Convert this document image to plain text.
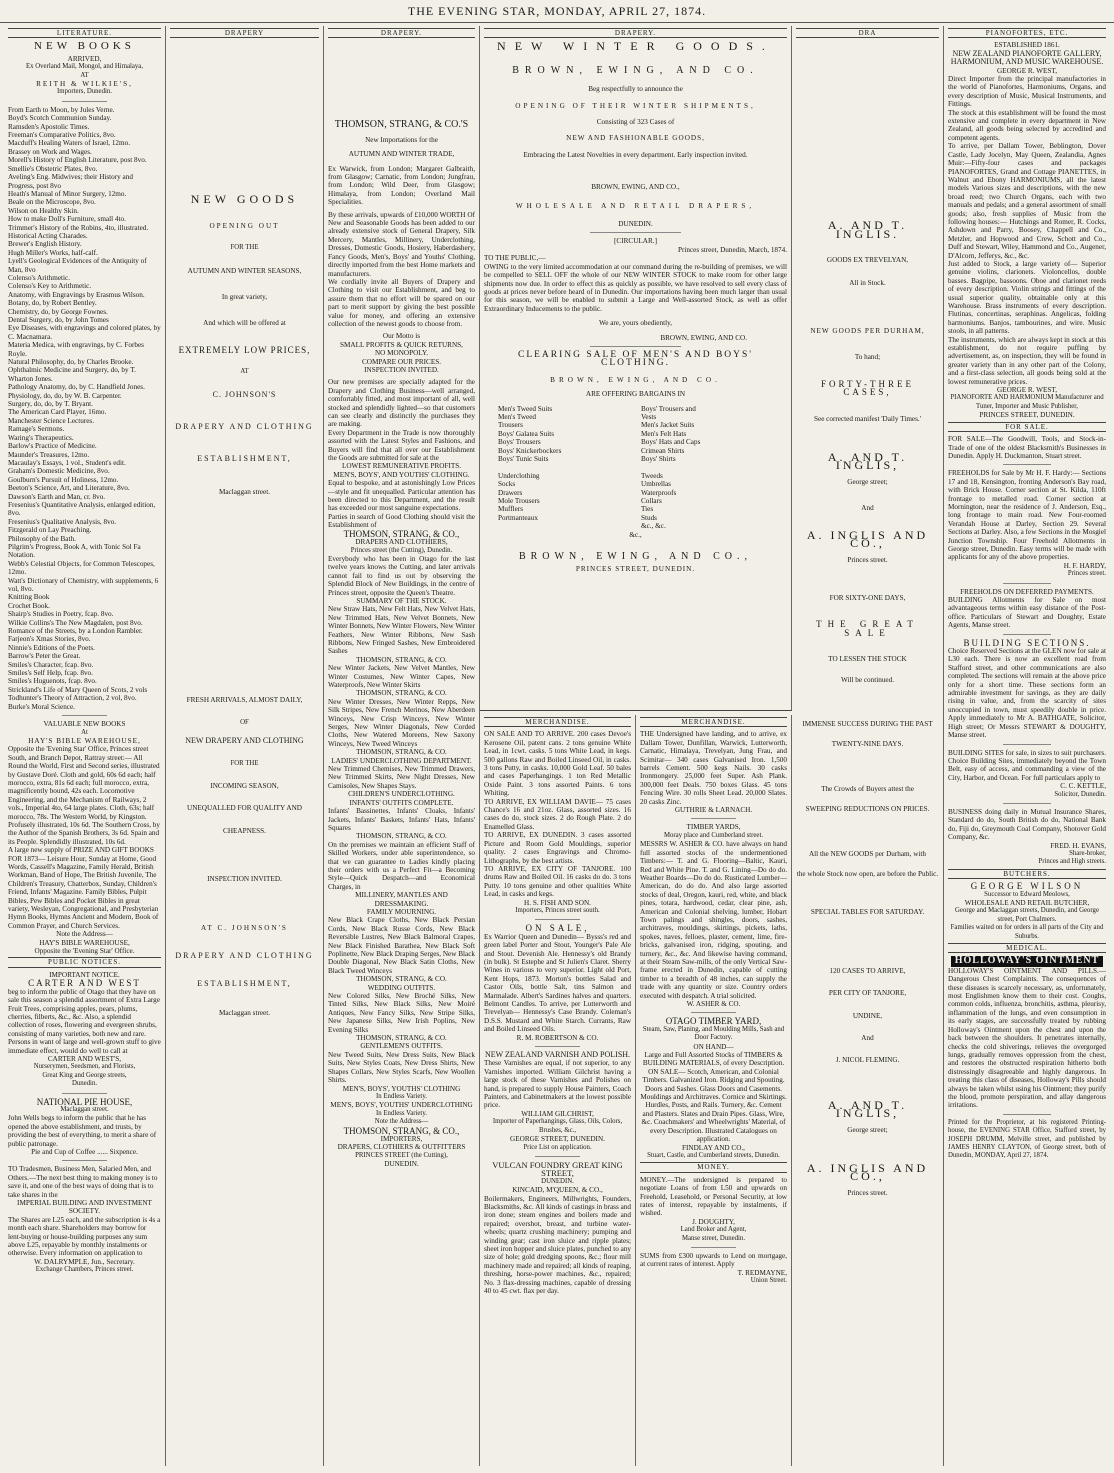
THE EVENING STAR, MONDAY, APRIL 27, 1874.
LITERATURE.
NEW BOOKS
ARRIVED,
Ex Overland Mail, Mongol, and Himalaya,
AT
REITH & WILKIE'S,
Importers, Dunedin.
From Earth to Moon, by Jules Verne.
Boyd's Scotch Communion Sunday.
Ramsden's Apostolic Times.
Freeman's Comparative Politics, 8vo.
Macduff's Healing Waters of Israel, 12mo.
Brassey on Work and Wages.
Morell's History of English Literature, post 8vo.
Smellie's Obstetric Plates, 8vo.
Aveling's Eng. Midwives; their History and Progress, post 8vo
Heath's Manual of Minor Surgery, 12mo.
Beale on the Microscope, 8vo.
Wilson on Healthy Skin.
How to make Doll's Furniture, small 4to.
Trimmer's History of the Robins, 4to, illustrated.
Historical Acting Charades.
Brewer's English History.
Hugh Miller's Works, half-calf.
Lyell's Geological Evidences of the Antiquity of Man, 8vo
Colenso's Arithmetic.
Colenso's Key to Arithmetic.
Anatomy, with Engravings by Erasmus Wilson.
Botany, do, by Robert Bentley.
Chemistry, do, by George Fownes.
Dental Surgery, do, by John Tomes
Eye Diseases, with engravings and colored plates, by C. Macnamara.
Materia Medica, with engravings, by C. Forbes Royle.
Natural Philosophy, do, by Charles Brooke.
Ophthalmic Medicine and Surgery, do, by T. Wharton Jones.
Pathology Anatomy, do, by C. Handfield Jones.
Physiology, do, do, by W. B. Carpenter.
Surgery, do, do, by T. Bryant.
The American Card Player, 16mo.
Manchester Science Lectures.
Ramage's Sermons.
Waring's Therapeutics.
Barlow's Practice of Medicine.
Maunder's Treasures, 12mo.
Macaulay's Essays, 1 vol., Student's edit.
Graham's Domestic Medicine, 8vo.
Goulburn's Pursuit of Holiness, 12mo.
Beeton's Science, Art, and Literature, 8vo.
Dawson's Earth and Man, cr. 8vo.
Fresenius's Quantitative Analysis, enlarged edition, 8vo.
Fresenius's Qualitative Analysis, 8vo.
Fitzgerald on Lay Preaching.
Philosophy of the Bath.
Pilgrim's Progress, Book A, with Tonic Sol Fa Notation.
Webb's Celestial Objects, for Common Telescopes, 12mo.
Watt's Dictionary of Chemistry, with supplements, 6 vol, 8vo.
Knitting Book
Crochet Book.
Shairp's Studies in Poetry, fcap. 8vo.
Wilkie Collins's The New Magdalen, post 8vo.
Romance of the Streets, by a London Rambler.
Farjeon's Xmas Stories, 8vo.
Ninnie's Editions of the Poets.
Barrow's Peter the Great.
Smiles's Character, fcap. 8vo.
Smiles's Self Help, fcap. 8vo.
Smiles's Huguenots, fcap. 8vo.
Strickland's Life of Mary Queen of Scots, 2 vols
Todhunter's Theory of Attraction, 2 vol, 8vo.
Burke's Moral Science.
VALUABLE NEW BOOKS
At
HAY'S BIBLE WAREHOUSE,

Opposite the 'Evening Star' Office, Princes street South, and Branch Depot, Rattray street:— All Round the World, First and Second series, illustrated by Gustave Doré. Cloth and gold, 60s 6d each; half morocco, extra, 81s 6d each; full morocco, extra, magnificently bound, 42s each. Locomotive Engineering, and the Mechanism of Railways, 2 vols., Imperial 4to, 64 large plates. Cloth, 63s; half morocco, 78s. The Western World, by Kingston. Profusely illustrated, 10s 6d. The Southern Cross, by the Author of the Spanish Brothers, 3s 6d. Spain and its People. Splendidly illustrated, 10s 6d.

A large new supply of PRIZE AND GIFT BOOKS FOR 1873— Leisure Hour, Sunday at Home, Good Words, Cassell's Magazine, Family Herald, British Workman, Band of Hope, The British Juvenile, The Children's Treasury, Chatterbox, Sunday, Children's Friend, Infants' Magazine. Family Bibles, Pulpit Bibles, Pew Bibles and Pocket Bibles in great variety, Wesleyan, Congregational, and Presbyterian Hymn Books, Hymns Ancient and Modern, Book of Common Prayer, and Church Services.

Note the Address—
HAY'S BIBLE WAREHOUSE,
Opposite the 'Evening Star' Office.
PUBLIC NOTICES.
IMPORTANT NOTICE.
CARTER AND WEST

beg to inform the public of Otago that they have on sale this season a splendid assortment of Extra Large Fruit Trees, comprising apples, pears, plums, cherries, filberts, &c., &c. Also, a splendid collection of roses, flowering and evergreen shrubs, consisting of many varieties, both new and rare. Persons in want of large and well-grown stuff to give immediate effect, would do well to call at

CARTER AND WEST'S,
Nurserymen, Seedsmen, and Florists,
Great King and George streets,
Dunedin.
NATIONAL PIE HOUSE,
Maclaggan street.

John Wells begs to inform the public that he has opened the above establishment, and trusts, by providing the best of everything, to merit a share of public patronage.

Pie and Cup of Coffee ...... Sixpence.

TO Tradesmen, Business Men, Salaried Men, and Others.—The next best thing to making money is to save it, and one of the best ways of doing that is to take shares in the

IMPERIAL BUILDING AND INVESTMENT SOCIETY.

The Shares are L25 each, and the subscription is 4s a month each share. Shareholders may borrow for lent-buying or house-building purposes any sum above L25, repayable by monthly instalments or otherwise. Every information on application to

W. DALRYMPLE, Jun., Secretary.
Exchange Chambers, Princes street.
DRAPERY
NEW GOODS
OPENING OUT
FOR THE
AUTUMN AND WINTER SEASONS,
In great variety,
And which will be offered at
EXTREMELY LOW PRICES,
AT
C. JOHNSON'S
DRAPERY AND CLOTHING
ESTABLISHMENT,
Maclaggan street.
FRESH ARRIVALS, ALMOST DAILY,
OF
NEW DRAPERY AND CLOTHING
FOR THE
INCOMING SEASON,
UNEQUALLED FOR QUALITY AND
CHEAPNESS.
INSPECTION INVITED.
AT C. JOHNSON'S
DRAPERY AND CLOTHING
ESTABLISHMENT,
Maclaggan street.
DRAPERY.
THOMSON, STRANG, & CO.'S
New Importations for the
AUTUMN AND WINTER TRADE,

Ex Warwick, from London; Margaret Galbraith, from Glasgow; Carnatic, from London; Jungfrau, from London; Wild Deer, from Glasgow; Himalaya, from London; Overland Mail Specialities.

By these arrivals, upwards of £10,000 WORTH Of New and Seasonable Goods has been added to our already extensive stock of General Drapery, Silk Mercery, Mantles, Millinery, Underclothing, Dresses, Domestic Goods, Hosiery, Haberdashery, Fancy Goods, Men's, Boys' and Youths' Clothing, directly imported from the best Home markets and manufacturers.

We cordially invite all Buyers of Drapery and Clothing to visit our Establishment, and beg to assure them that no effort will be spared on our part to merit support by giving the best possible value for money, and offering an extensive collection of the newest goods to choose from.

Our Motto is
SMALL PROFITS & QUICK RETURNS,
NO MONOPOLY.
COMPARE OUR PRICES.
INSPECTION INVITED.

Our new premises are specially adapted for the Drapery and Clothing Business—well arranged, comfortably fitted, and most important of all, well stocked and splendidly lighted—so that customers can see clearly and distinctly the purchases they are making.

Every Department in the Trade is now thoroughly assorted with the Latest Styles and Fashions, and Buyers will find that all over our Establishment the Goods are submitted for sale at the

LOWEST REMUNERATIVE PROFITS.
MEN'S, BOYS', AND YOUTHS' CLOTHING.

Equal to bespoke, and at astonishingly Low Prices—style and fit unequalled. Particular attention has been directed to this Department, and the result has exceeded our most sanguine expectations.

Parties in search of Good Clothing should visit the Establishment of

THOMSON, STRANG, & CO.,
DRAPERS AND CLOTHIERS,
Princes street (the Cutting), Dunedin.

Everybody who has been in Otago for the last twelve years knows the Cutting, and later arrivals cannot fail to find us out by observing the Splendid Block of New Buildings, in the centre of Princes street, opposite the Queen's Theatre.

SUMMARY OF THE STOCK.

New Straw Hats, New Felt Hats, New Velvet Hats, New Trimmed Hats, New Velvet Bonnets, New Winter Bonnets, New Winter Flowers, New Winter Feathers, New Winter Ribbons, New Sash Ribbons, New Fringed Sashes, New Embroidered Sashes

THOMSON, STRANG, & CO.

New Winter Jackets, New Velvet Mantles, New Winter Costumes, New Winter Capes, New Waterproofs, New Winter Skirts

THOMSON, STRANG, & CO.

New Winter Dresses, New Winter Repps, New Silk Stripes, New French Merinos, New Aberdeen Winceys, New Crisp Winceys, New Winter Serges, New Winter Diagonals, New Corded Cloths, New Watered Moreens, New Saxony Winceys, New Tweed Winceys

THOMSON, STRANG, & CO.
LADIES' UNDERCLOTHING DEPARTMENT.

New Trimmed Chemises, New Trimmed Drawers, New Trimmed Skirts, New Night Dresses, New Camisoles, New Shapes Stays.

CHILDREN'S UNDERCLOTHING.
INFANTS' OUTFITS COMPLETE.

Infants' Bassinettes, Infants' Cloaks, Infants' Jackets, Infants' Baskets, Infants' Hats, Infants' Squares

THOMSON, STRANG, & CO.

On the premises we maintain an efficient Staff of Skilled Workers, under able superintendence, so that we can guarantee to Ladies kindly placing their orders with us a Perfect Fit—a Becoming Style—Quick Despatch—and Economical Charges, in

MILLINERY, MANTLES AND DRESSMAKING.
FAMILY MOURNING.

New Black Crape Cloths, New Black Persian Cords, New Black Russe Cords, New Black Reversible Lustres, New Black Balmoral Crapes, New Black Finished Barathea, New Black Soft Poplinette, New Black Draping Serges, New Black Double Diagonal, New Black Satin Cloths, New Black Tweed Winceys

THOMSON, STRANG, & CO.
WEDDING OUTFITS.

New Colored Silks, New Broché Silks, New Tinted Silks, New Black Silks, New Moiré Antiques, New Fancy Silks, New Stripe Silks, New Japanese Silks, New Irish Poplins, New Evening Silks

THOMSON, STRANG, & CO.
GENTLEMEN'S OUTFITS.

New Tweed Suits, New Dress Suits, New Black Suits, New Styles Coats, New Dress Shirts, New Shapes Collars, New Styles Scarfs, New Woollen Shirts.

MEN'S, BOYS', YOUTHS' CLOTHING
In Endless Variety.
MEN'S, BOYS', YOUTHS' UNDERCLOTHING
In Endless Variety.
Note the Address—
THOMSON, STRANG, & CO.,
IMPORTERS,
DRAPERS, CLOTHIERS & OUTFITTERS
PRINCES STREET (the Cutting),
DUNEDIN.
DRAPERY.
NEW WINTER GOODS.
BROWN, EWING, AND CO.
Beg respectfully to announce the
OPENING OF THEIR WINTER SHIPMENTS,
Consisting of 323 Cases of
NEW AND FASHIONABLE GOODS,
Embracing the Latest Novelties in every department. Early inspection invited.
BROWN, EWING, AND CO.,
WHOLESALE AND RETAIL DRAPERS,
DUNEDIN.
[CIRCULAR.]
Princes street, Dunedin, March, 1874.
TO THE PUBLIC,—

OWING to the very limited accommodation at our command during the re-building of premises, we will be compelled to SELL OFF the whole of our NEW WINTER STOCK to make room for other large shipments now due. In order to effect this as quickly as possible, we have resolved to sell every class of goods at prices never before heard of in Dunedin. Our importations having been much larger than usual for this season, we will be enabled to submit a Large and Well-assorted Stock, as well as offer Extraordinary Inducements to the public.

We are, yours obediently,
BROWN, EWING, AND CO.
CLEARING SALE OF MEN'S AND BOYS' CLOTHING.
BROWN, EWING, AND CO.
ARE OFFERING BARGAINS IN
Men's Tweed Suits
Men's Tweed Trousers
Boys' Galatea Suits
Boys' Trousers
Boys' Knickerbockers
Boys' Tunic Suits

Underclothing
Socks
Drawers
Mole Trousers
Mufflers
Portmanteaux
Boys' Trousers and Vests
Men's Jacket Suits
Men's Felt Hats
Boys' Hats and Caps
Crimean Shirts
Boys' Shirts

Tweeds
Umbrellas
Waterproofs
Collars
Ties
Studs
&c., &c.
&c.,
BROWN, EWING, AND CO.,
PRINCES STREET, DUNEDIN.
MERCHANDISE.

ON SALE AND TO ARRIVE. 200 cases Devoe's Kerosene Oil, patent cans. 2 tons genuine White Lead, in 1cwt. casks. 5 tons White Lead, in kegs. 500 gallons Raw and Boiled Linseed Oil, in casks. 3 tons Putty, in casks. 10,000 Gold Leaf. 50 bales and cases Paperhangings. 1 ton Red Metallic Oxide Paint. 3 tons assorted Paints. 6 tons Whiting.

TO ARRIVE, EX WILLIAM DAVIE— 75 cases Chance's 16 and 21oz. Glass, assorted sizes. 16 cases do do, stock sizes. 2 do Rough Plate. 2 do Enamelled Glass.

TO ARRIVE, EX DUNEDIN. 3 cases assorted Picture and Room Gold Mouldings, superior quality. 2 cases Engravings and Chromo-Lithographs, by the best artists.

TO ARRIVE, EX CITY OF TANJORE. 100 drums Raw and Boiled Oil. 16 casks do do. 3 tons Putty. 10 tons genuine and other qualities White Lead, in casks and kegs.

H. S. FISH AND SON.
Importers, Princes street south.
ON SALE,

Ex Warrior Queen and Dunedin— Bysss's red and green label Porter and Stout, Younger's Pale Ale and Stout. Devenish Ale. Hennessy's old Brandy (in bulk). St Estephe and St Julien's Claret. Sherry Wines in various to very superior. Light old Port, Kent Hops, 1873. Morton's bottles Salad and Castor Oils, bottle Salt, tins Salmon and Marmalade. Albert's Sardines halves and quarters. Belmont Candles. To arrive, per Lutterworth and Trevelyan— Hennessy's Case Brandy. Coleman's D.S.S. Mustard and White Starch. Currants, Raw and Boiled Linseed Oils.

R. M. ROBERTSON & CO.
NEW ZEALAND VARNISH AND POLISH.

These Varnishes are equal, if not superior, to any Varnishes imported. William Gilchrist having a large stock of these Varnishes and Polishes on hand, is prepared to supply House Painters, Coach Painters, and Cabinetmakers at the lowest possible price.

WILLIAM GILCHRIST,
Importer of Paperhangings, Glass, Oils, Colors, Brushes, &c.,
GEORGE STREET, DUNEDIN.
Price List on application.
VULCAN FOUNDRY GREAT KING STREET,
DUNEDIN.
KINCAID, M'QUEEN, & CO.,

Boilermakers, Engineers, Millwrights, Founders, Blacksmiths, &c. All kinds of castings in brass and iron done; steam engines and boilers made and repaired; overshot, breast, and turbine water-wheels; quartz crushing machinery; pumping and winding gear; cast iron sluice and ripple plates; sheet iron hopper and sluice plates, punched to any size of hole; gold dredging spoons, &c.; flour mill machinery made and repaired; all kinds of reaping, threshing, horse-power machines, &c., repaired; No. 3 flax-dressing machines, capable of dressing 40 to 45 cwt. flax per day.

MERCHANDISE.

THE Undersigned have landing, and to arrive, ex Dallam Tower, Dunfillan, Warwick, Lutterworth, Carnatic, Himalaya, Trevelyan, Jung Frau, and Scimitar— 340 cases Galvanised Iron. 1,500 barrels Cement. 500 kegs Nails. 30 casks Ironmongery. 25,000 feet Super. Ash Plank. 300,000 feet Deals. 750 boxes Glass. 45 tons Fencing Wire. 30 rolls Sheet Lead. 20,000 Slates. 20 casks Zinc.

GUTHRIE & LARNACH.
TIMBER YARDS,
Moray place and Cumberland street.

MESSRS W. ASHER & CO. have always on hand full assorted stocks of the undermentioned Timbers:— T. and G. Flooring—Baltic, Kauri, Red and White Pine. T. and G. Lining—Do do do. Weather Boards—Do do do. Rusticated Lumber—American, do do do. And also large assorted stocks of deal, Oregon, kauri, red, white, and black pines, totara, hardwood, cedar, clear pine, ash, American and Colonial shelving, lumber, Hobart Town palings and shingles, doors, sashes, architraves, mouldings, skirtings, pickets, laths, spokes, naves, felloes, plaster, cement, lime, fire-bricks, galvanised iron, ridging, spouting, and turnery, &c., &c. And likewise having command, at their Steam Saw-mills, of the only Vertical Saw-frame erected in Dunedin, capable of cutting timber to a breadth of 48 inches, can supply the trade with any quantity or size. Country orders executed with despatch. A trial solicited.

W. ASHER & CO.
OTAGO TIMBER YARD,
Steam, Saw, Planing, and Moulding Mills, Sash and Door Factory.
ON HAND—

Large and Full Assorted Stocks of TIMBERS & BUILDING MATERIALS, of every Description. ON SALE— Scotch, American, and Colonial Timbers. Galvanized Iron. Ridging and Spouting. Doors and Sashes. Glass Doors and Casements. Mouldings and Architraves. Cornice and Skirtings. Hurdles, Posts, and Rails. Turnery, &c. Cement and Plasters. Slates and Drain Pipes. Glass, Wire, &c. Coachmakers' and Wheelwrights' Material, of every Description. Illustrated Catalogues on application.

FINDLAY AND CO.,
Stuart, Castle, and Cumberland streets, Dunedin.
MONEY.

MONEY.—The undersigned is prepared to negotiate Loans of from L50 and upwards on Freehold, Leasehold, or Personal Security, at low rates of interest, repayable by instalments, if wished.

J. DOUGHTY,
Land Broker and Agent,
Manse street, Dunedin.

SUMS from £300 upwards to Lend on mortgage, at current rates of interest. Apply

T. REDMAYNE,
Union Street.
DRA
A. AND T. INGLIS.
GOODS EX TREVELYAN,
All in Stock.
NEW GOODS PER DURHAM,
To hand;
FORTY-THREE CASES,
See corrected manifest 'Daily Times.'
A. AND T. INGLIS,
George street;
And
A. INGLIS AND CO.,
Princes street.
FOR SIXTY-ONE DAYS,
THE GREAT SALE
TO LESSEN THE STOCK
Will be continued.
IMMENSE SUCCESS DURING THE PAST
TWENTY-NINE DAYS.
The Crowds of Buyers attest the
SWEEPING REDUCTIONS ON PRICES.
All the NEW GOODS per Durham, with
the whole Stock now open, are before the Public.
SPECIAL TABLES FOR SATURDAY.
120 CASES TO ARRIVE,
PER CITY OF TANJORE,
UNDINE,
And
J. NICOL FLEMING.
A. AND T. INGLIS,
George street;
A. INGLIS AND CO.,
Princes street.
PIANOFORTES, ETC.
ESTABLISHED 1861.
NEW ZEALAND PIANOFORTE GALLERY, HARMONIUM, AND MUSIC WAREHOUSE.
GEORGE R. WEST,

Direct Importer from the principal manufactories in the world of Pianofortes, Harmoniums, Organs, and every description of Music, Musical Instruments, and Fittings.

The stock at this establishment will be found the most extensive and complete in every department in New Zealand, all goods being selected by accredited and competent agents.

To arrive, per Dallam Tower, Beblington, Dover Castle, Lady Jocelyn, May Queen, Zealandia, Agnes Muir:—Fifty-four cases and packages PIANOFORTES, Grand and Cottage PIANETTES, in Walnut and Ebony HARMONIUMS, all the latest models Various sizes and descriptions, with the new broad reed; two Church Organs, each with two manuals and pedals; and a general assortment of small goods; also, fresh supplies of Music from the following houses:— Hutchings and Romer, R. Cocks, Ashdown and Parry, Boosey, Chappell and Co., Metzler, and Hopwood and Crew, Schott and Co., Duff and Stewart, Wiley, Hammond and Co., Augener, D'Alcorn, Jefferys, &c., &c.

Just added to Stock, a large variety of— Superior genuine violins, clarionets. Violoncellos, double basses. Bagpipe, bassoons. Oboe and clarionet reeds of every description. Violin strings and fittings of the usual superior quality, obtainable only at this Warehouse. Brass instruments of every description. Flutinas, concertinas, seraphinas. Angelicas, folding harmoniums. Banjos, tambourines, and wire. Music stools, in all patterns.

The instruments, which are always kept in stock at this establishment, do not require puffing by advertisement, as, on inspection, they will be found in greater variety than in any other part of the Colony, and a first-class selection, all goods being sold at the lowest remunerative prices.

GEORGE R. WEST,
PIANOFORTE AND HARMONIUM Manufacturer and Tuner, Importer and Music Publisher,
PRINCES STREET, DUNEDIN.
FOR SALE.

FOR SALE—The Goodwill, Tools, and Stock-in-Trade of one of the oldest Blacksmith's Businesses in Dunedin. Apply H. Duckmanton, Stuart street.

FREEHOLDS for Sale by Mr H. F. Hardy:— Sections 17 and 18, Kensington, fronting Anderson's Bay road, with Brick House. Corner section at St. Kilda, 110ft frontage to metalled road. Corner section at Mornington, near the residence of J. Anderson, Esq., long frontage to main road. New Four-roomed Verandah House at Darley, Section 29. Several Sections at Darley. Also, a few Sections in the Mosgiel Junction Township. Four Freehold Allotments in George street, Dunedin. Easy terms will be made with applicants for any of the above properties.

H. F. HARDY,
Princes street.
FREEHOLDS ON DEFERRED PAYMENTS.

BUILDING Allotments for Sale on most advantageous terms within easy distance of the Post-office. Particulars of Stewart and Doughty, Estate Agents, Manse street.

BUILDING SECTIONS.

Choice Reserved Sections at the GLEN now for sale at L30 each. There is now an excellent road from Stafford street, and other communications are also completed. The sections will remain at the above price only for a short time. These sections form an admirable investment for savings, as they are daily rising in value, and, from the scarcity of sites unoccupied in town, must speedily double in price. Apply immediately to Mr A. BATHGATE, Solicitor, High street; Or Messrs STEWART & DOUGHTY, Manse street.

BUILDING SITES for sale, in sizes to suit purchasers. Choice Building Sites, immediately beyond the Town Belt, easy of access, and commanding a view of the City, Harbor, and Ocean. For full particulars apply to

C. C. KETTLE,
Solicitor, Dunedin.

BUSINESS doing daily in Mutual Insurance Shares, Standard do do, South British do do, National Bank do, Fiji do, Greymouth Coal Company, Shotover Gold Company, &c.

FRED. H. EVANS,
Share-broker,
Princes and High streets.
BUTCHERS.
GEORGE WILSON
Successor to Edward Meolows,
WHOLESALE AND RETAIL BUTCHER,
George and Maclaggan streets, Dunedin, and George street, Port Chalmers.
Families waited on for orders in all parts of the City and Suburbs.
MEDICAL.
HOLLOWAY'S OINTMENT

HOLLOWAY'S OINTMENT AND PILLS.—Dangerous Chest Complaints. The consequences of these diseases is scarcely necessary, as, unfortunately, most Englishmen know them to their cost. Coughs, common colds, influenza, bronchitis, asthma, pleurisy, inflammation of the lungs, and even consumption in its early stages, are successfully treated by rubbing Holloway's Ointment upon the chest and upon the back between the shoulders. It penetrates internally, checks the cold shiverings, relieves the overgorged lungs, gradually removes oppression from the chest, and restores the obstructed respiration hitherto both distressingly disagreeable and highly dangerous. In treating this class of diseases, Holloway's Pills should always be taken whilst using his Ointment; they purify the blood, promote perspiration, and allay dangerous irritations.

Printed for the Proprietor, at his registered Printing-house, the EVENING STAR Office, Stafford street, by JOSEPH DRUMM, Melville street, and published by JAMES HENRY CLAYTON, of George street, both of Dunedin, MONDAY, April 27, 1874.
